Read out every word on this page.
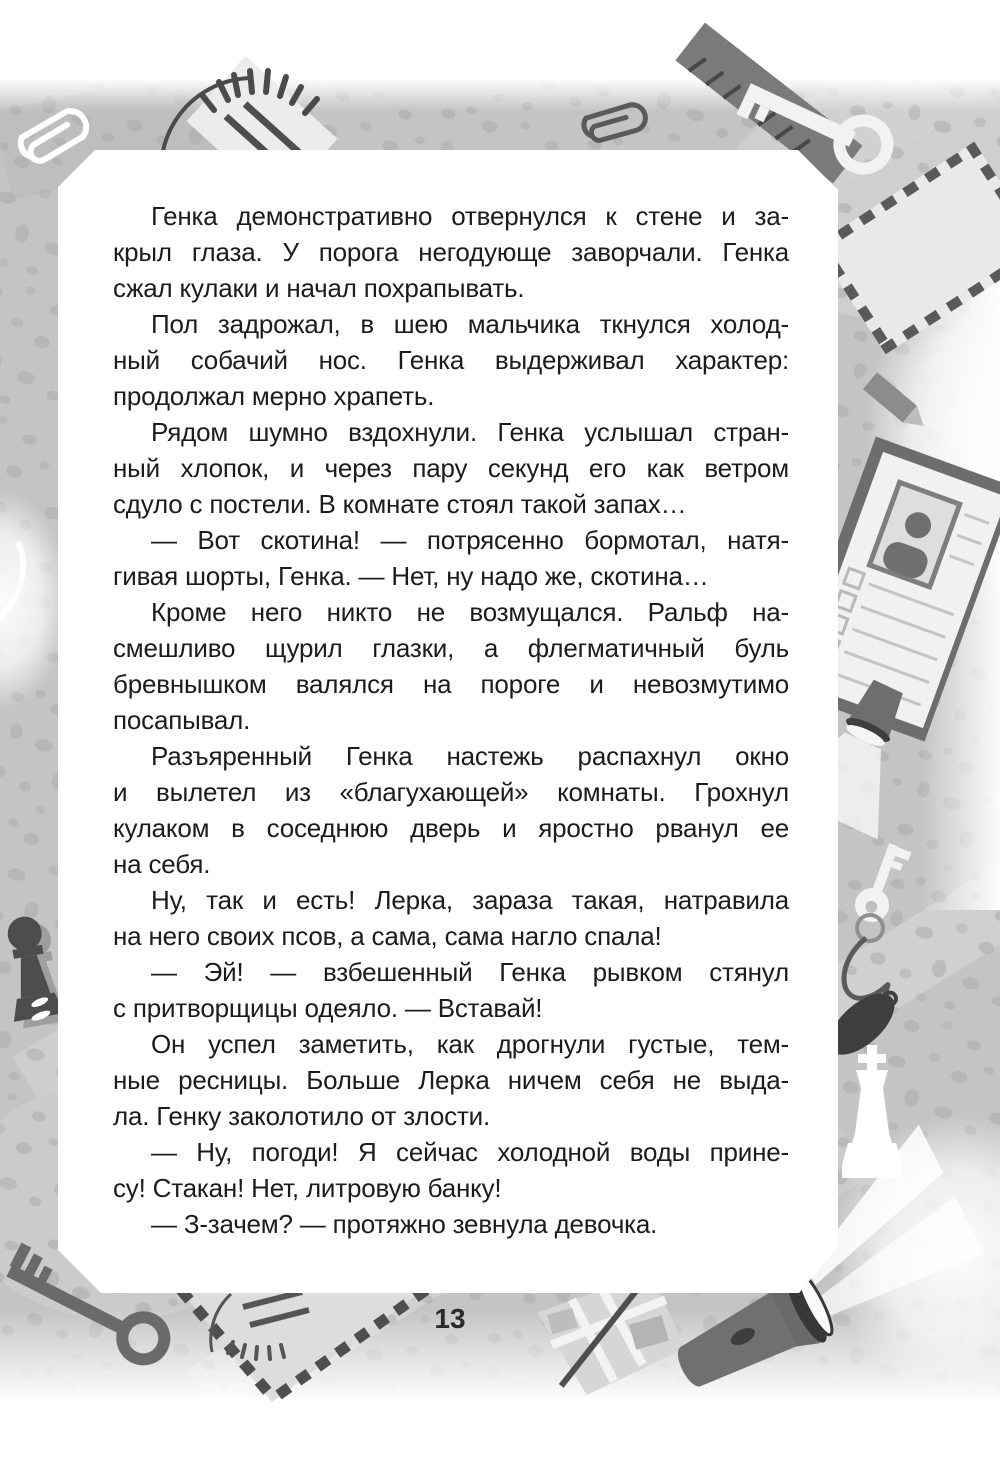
Генка демонстративно отвернулся к стене и за-
крыл глаза. У порога негодующе заворчали. Генка
сжал кулаки и начал похрапывать.
Пол задрожал, в шею мальчика ткнулся холод-
ный собачий нос. Генка выдерживал характер:
продолжал мерно храпеть.
Рядом шумно вздохнули. Генка услышал стран-
ный хлопок, и через пару секунд его как ветром
сдуло с постели. В комнате стоял такой запах…
— Вот скотина! — потрясенно бормотал, натя-
гивая шорты, Генка. — Нет, ну надо же, скотина…
Кроме него никто не возмущался. Ральф на-
смешливо щурил глазки, а флегматичный буль
бревнышком валялся на пороге и невозмутимо
посапывал.
Разъяренный Генка настежь распахнул окно
и вылетел из «благухающей» комнаты. Грохнул
кулаком в соседнюю дверь и яростно рванул ее
на себя.
Ну, так и есть! Лерка, зараза такая, натравила
на него своих псов, а сама, сама нагло спала!
— Эй! — взбешенный Генка рывком стянул
с притворщицы одеяло. — Вставай!
Он успел заметить, как дрогнули густые, тем-
ные ресницы. Больше Лерка ничем себя не выда-
ла. Генку заколотило от злости.
— Ну, погоди! Я сейчас холодной воды прине-
су! Стакан! Нет, литровую банку!
— З-зачем? — протяжно зевнула девочка.
13
